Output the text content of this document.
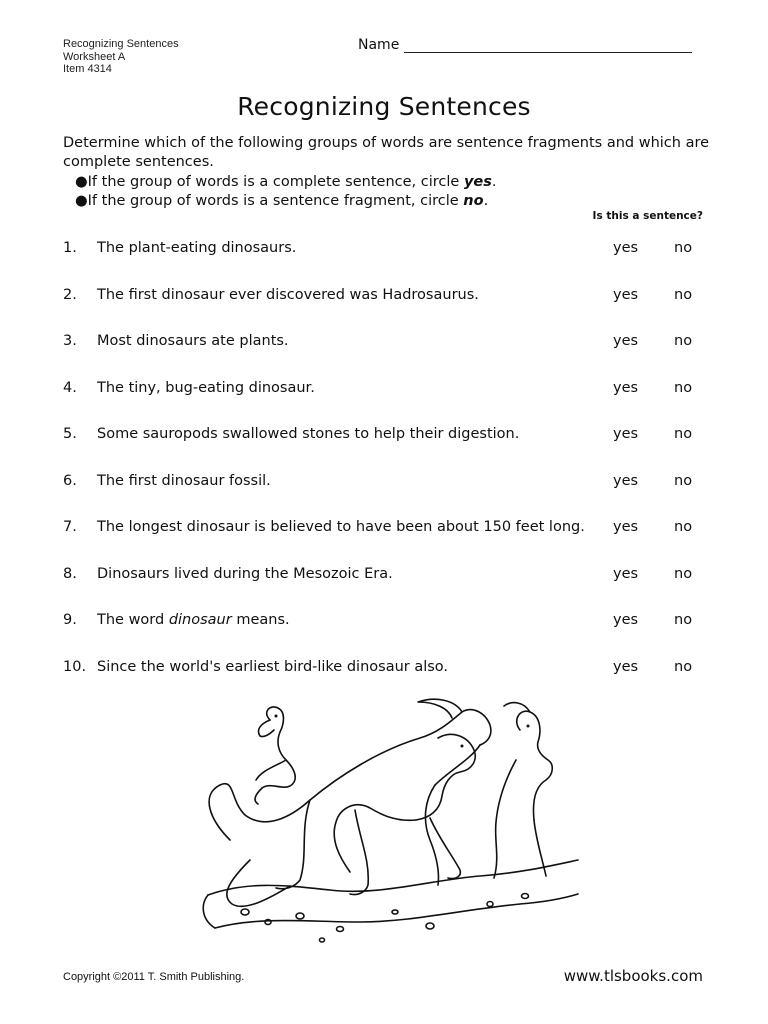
Recognizing Sentences
Worksheet A
Item 4314
Name
Recognizing Sentences

Determine which of the following groups of words are sentence fragments and which are complete sentences.

●If the group of words is a complete sentence, circle yes.
●If the group of words is a sentence fragment, circle no.
Is this a sentence?
1. The plant-eating dinosaurs.	yes no
2. The first dinosaur ever discovered was Hadrosaurus.	yes no
3. Most dinosaurs ate plants.	yes no
4. The tiny, bug-eating dinosaur.	yes no
5. Some sauropods swallowed stones to help their digestion.	yes no
6. The first dinosaur fossil.	yes no
7. The longest dinosaur is believed to have been about 150 feet long. yes no
8. Dinosaurs lived during the Mesozoic Era.	yes no
9. The word dinosaur means.	yes no
10. Since the world's earliest bird-like dinosaur also.	yes no
Copyright ©2011 T. Smith Publishing.	www.tlsbooks.com
